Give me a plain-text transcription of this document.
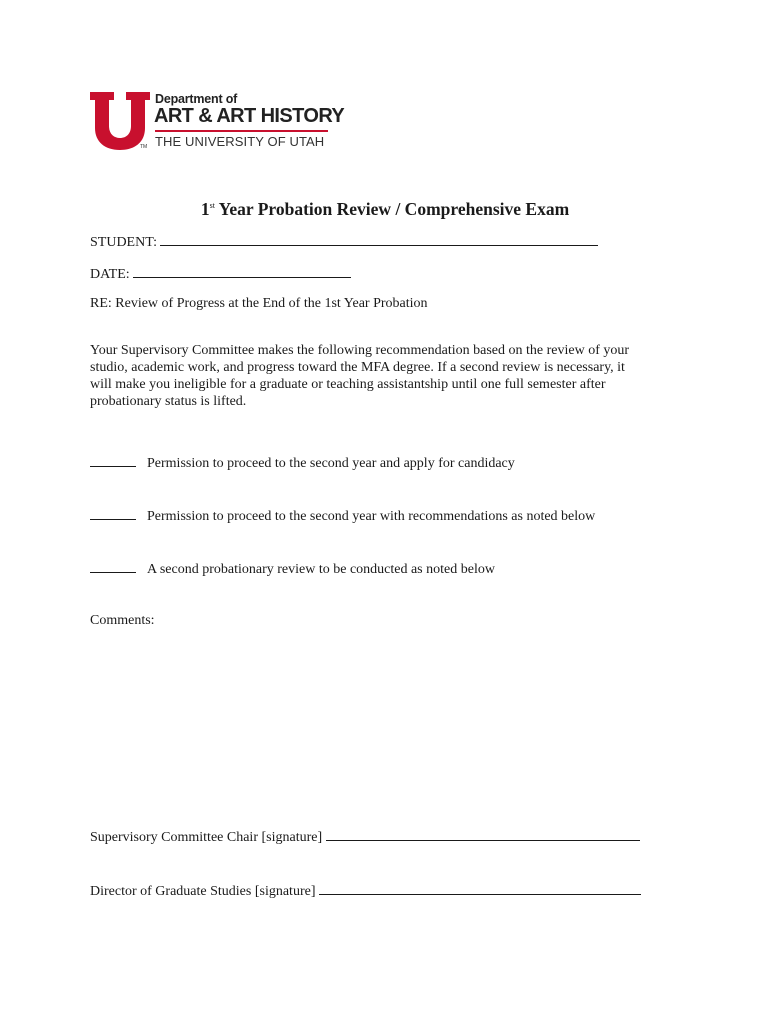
TM
Department of
ART & ART HISTORY
THE UNIVERSITY OF UTAH
1st Year Probation Review / Comprehensive Exam
STUDENT:
DATE:
RE: Review of Progress at the End of the 1st Year Probation
Your Supervisory Committee makes the following recommendation based on the review of your studio, academic work, and progress toward the MFA degree. If a second review is necessary, it will make you ineligible for a graduate or teaching assistantship until one full semester after probationary status is lifted.
Permission to proceed to the second year and apply for candidacy
Permission to proceed to the second year with recommendations as noted below
A second probationary review to be conducted as noted below
Comments:
Supervisory Committee Chair [signature]
Director of Graduate Studies [signature]
